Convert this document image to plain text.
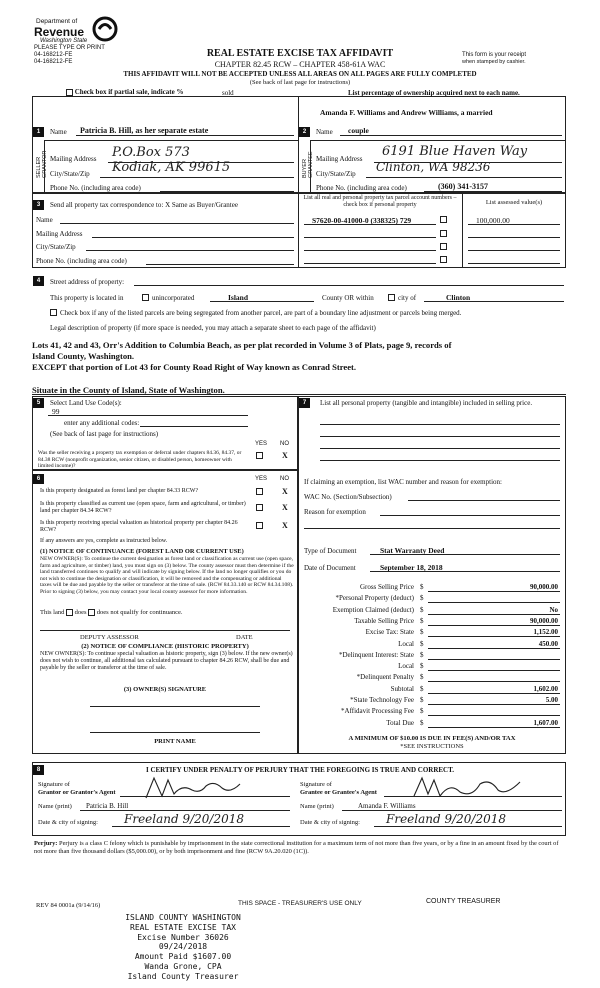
Department of
Revenue
Washington State
PLEASE TYPE OR PRINT
04-168212-FE
04-168212-FE
REAL ESTATE EXCISE TAX AFFIDAVIT
CHAPTER 82.45 RCW – CHAPTER 458-61A WAC
This form is your receipt
when stamped by cashier.
THIS AFFIDAVIT WILL NOT BE ACCEPTED UNLESS ALL AREAS ON ALL PAGES ARE FULLY COMPLETED
(See back of last page for instructions)
Check box if partial sale, indicate %	sold	List percentage of ownership acquired next to each name.
1
SELLER GRANTOR
Name Patricia B. Hill, as her separate estate
Mailing Address P.O.Box 573
City/State/Zip Kodiak, AK 99615
Phone No. (including area code)
2
BUYER GRANTEE
Amanda F. Williams and Andrew Williams, a married
Name couple
Mailing Address 6191 Blue Haven Way
City/State/Zip Clinton, WA 98236
Phone No. (including area code)	(360) 341-3157
3	Send all property tax correspondence to: X Same as Buyer/Grantee
Name
Mailing Address
City/State/Zip
Phone No. (including area code)
List all real and personal property tax parcel account numbers – check box if personal property	List assessed value(s)
S7620-00-41000-0 (338325) 729	100,000.00
4	Street address of property:
This property is located in	unincorporated	Island	County OR within	city of	Clinton
Check box if any of the listed parcels are being segregated from another parcel, are part of a boundary line adjustment or parcels being merged.
Legal description of property (if more space is needed, you may attach a separate sheet to each page of the affidavit)
Lots 41, 42 and 43, Orr's Addition to Columbia Beach, as per plat recorded in Volume 3 of Plats, page 9, records of
Island County, Washington.
EXCEPT that portion of Lot 43 for County Road Right of Way known as Conrad Street.
Situate in the County of Island, State of Washington.
5	Select Land Use Code(s):
99
enter any additional codes:
(See back of last page for instructions)
YES NO
Was the seller receiving a property tax exemption or deferral under chapters 84.36, 84.37, or 84.38 RCW (nonprofit organization, senior citizen, or disabled person, homeowner with limited income)?
X
6	YES NO
Is this property designated as forest land per chapter 84.33 RCW?	X
Is this property classified as current use (open space, farm and agricultural, or timber) land per chapter 84.34 RCW?	X
Is this property receiving special valuation as historical property per chapter 84.26 RCW?	X
If any answers are yes, complete as instructed below.
(1) NOTICE OF CONTINUANCE (FOREST LAND OR CURRENT USE)
NEW OWNER(S): To continue the current designation as forest land or classification as current use (open space, farm and agriculture, or timber) land, you must sign on (3) below. The county assessor must then determine if the land transferred continues to qualify and will indicate by signing below. If the land no longer qualifies or you do not wish to continue the designation or classification, it will be removed and the compensating or additional taxes will be due and payable by the seller or transferor at the time of sale. (RCW 84.33.140 or RCW 84.34.108). Prior to signing (3) below, you may contact your local county assessor for more information.
This land does does not qualify for continuance.
DEPUTY ASSESSOR	DATE
(2) NOTICE OF COMPLIANCE (HISTORIC PROPERTY)
NEW OWNER(S): To continue special valuation as historic property, sign (3) below. If the new owner(s) does not wish to continue, all additional tax calculated pursuant to chapter 84.26 RCW, shall be due and payable by the seller or transferor at the time of sale.
(3) OWNER(S) SIGNATURE
PRINT NAME
7	List all personal property (tangible and intangible) included in selling price.
If claiming an exemption, list WAC number and reason for exemption:
WAC No. (Section/Subsection)
Reason for exemption
Type of Document	Stat Warranty Deed
Date of Document	September 18, 2018
Gross Selling Price $	90,000.00
*Personal Property (deduct) $
Exemption Claimed (deduct) $	No
Taxable Selling Price $	90,000.00
Excise Tax: State $	1,152.00
Local $	450.00
*Delinquent Interest: State $
Local $
*Delinquent Penalty $
Subtotal $	1,602.00
*State Technology Fee $	5.00
*Affidavit Processing Fee $
Total Due $	1,607.00
A MINIMUM OF $10.00 IS DUE IN FEE(S) AND/OR TAX
*SEE INSTRUCTIONS
8	I CERTIFY UNDER PENALTY OF PERJURY THAT THE FOREGOING IS TRUE AND CORRECT.
Signature of
Grantor or Grantor's Agent
Name (print) Patricia B. Hill
Date & city of signing: Freeland 9/20/2018
Signature of
Grantee or Grantee's Agent
Name (print)	Amanda F. Williams
Date & city of signing: Freeland 9/20/2018
Perjury: Perjury is a class C felony which is punishable by imprisonment in the state correctional institution for a maximum term of not more than five years, or by a fine in an amount fixed by the court of not more than five thousand dollars ($5,000.00), or by both imprisonment and fine (RCW 9A.20.020 (1C)).
REV 84 0001a (9/14/16)	THIS SPACE - TREASURER'S USE ONLY	COUNTY TREASURER
ISLAND COUNTY WASHINGTON
REAL ESTATE EXCISE TAX
Excise Number 36026
09/24/2018
Amount Paid $1607.00
Wanda Grone, CPA
Island County Treasurer
